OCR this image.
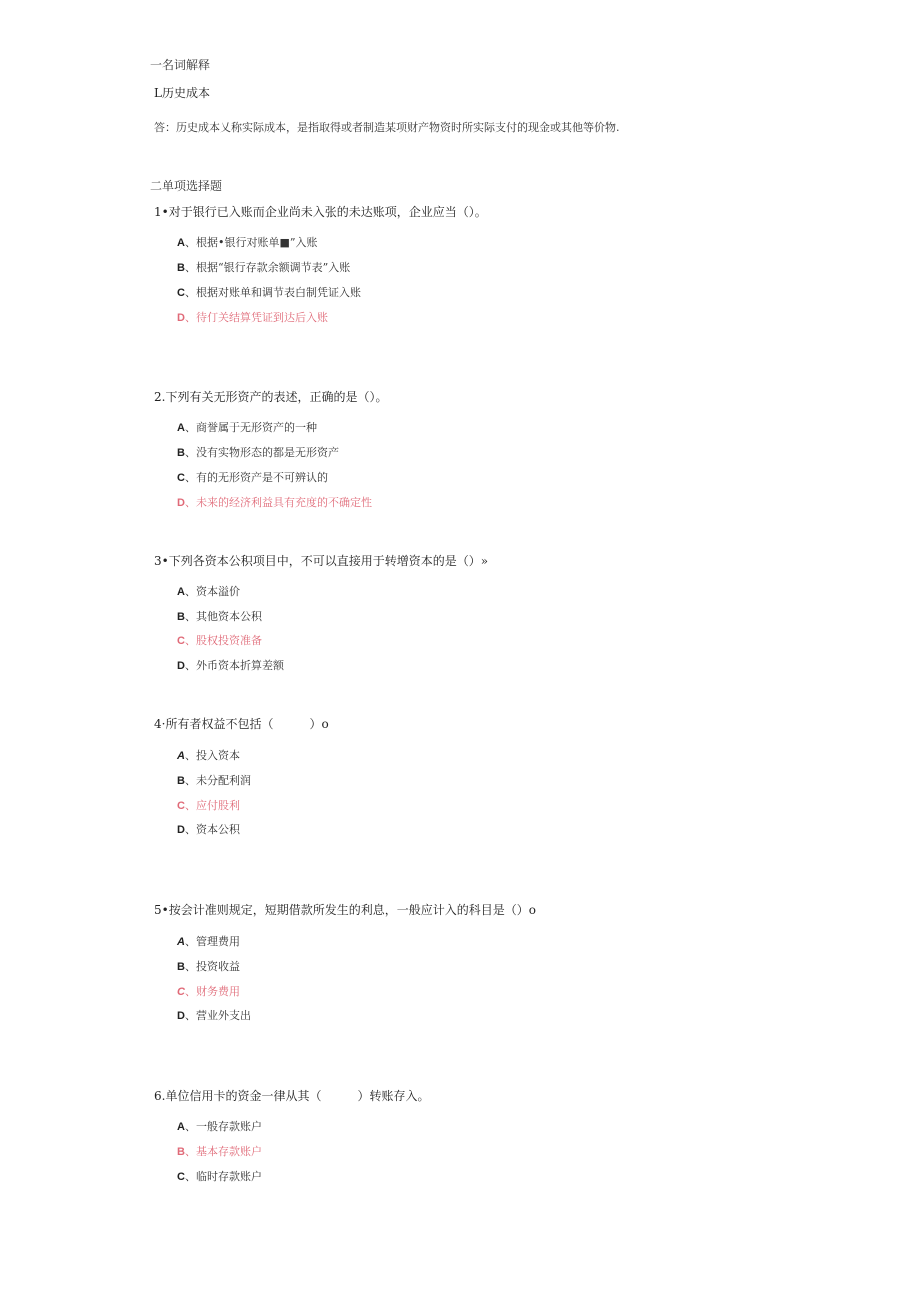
一名词解释
L历史成本
答：历史成本乂称实际成本，是指取得或者制造某项财产物资时所实际支付的现金或其他等价物.
二单项选择题
1•对于银行已入账而企业尚未入张的未达账项，企业应当（）。
A、根据•银行对账单■”入账
B、根据“银行存款余额调节表”入账
C、根据对账单和调节表白制凭证入账
D、待仃关结算凭证到达后入账
2.下列有关无形资产的表述，正确的是（）。
A、商誉属于无形资产的一种
B、没有实物形态的都是无形资产
C、有的无形资产是不可辨认的
D、未来的经济利益具有充度的不确定性
3•下列各资本公积项目中，不可以直接用于转增资本的是（）»
A、资本溢价
B、其他资本公积
C、股权投资准备
D、外币资本折算差额
4·所有者权益不包括（　　　）o
A、投入资本
B、未分配利润
C、应付股利
D、资本公积
5•按会计准则规定，短期借款所发生的利息，一般应计入的科目是（）o
A、管理费用
B、投资收益
C、财务费用
D、营业外支出
6.单位信用卡的资金一律从其（　　　）转账存入。
A、一般存款账户
B、基本存款账户
C、临时存款账户
